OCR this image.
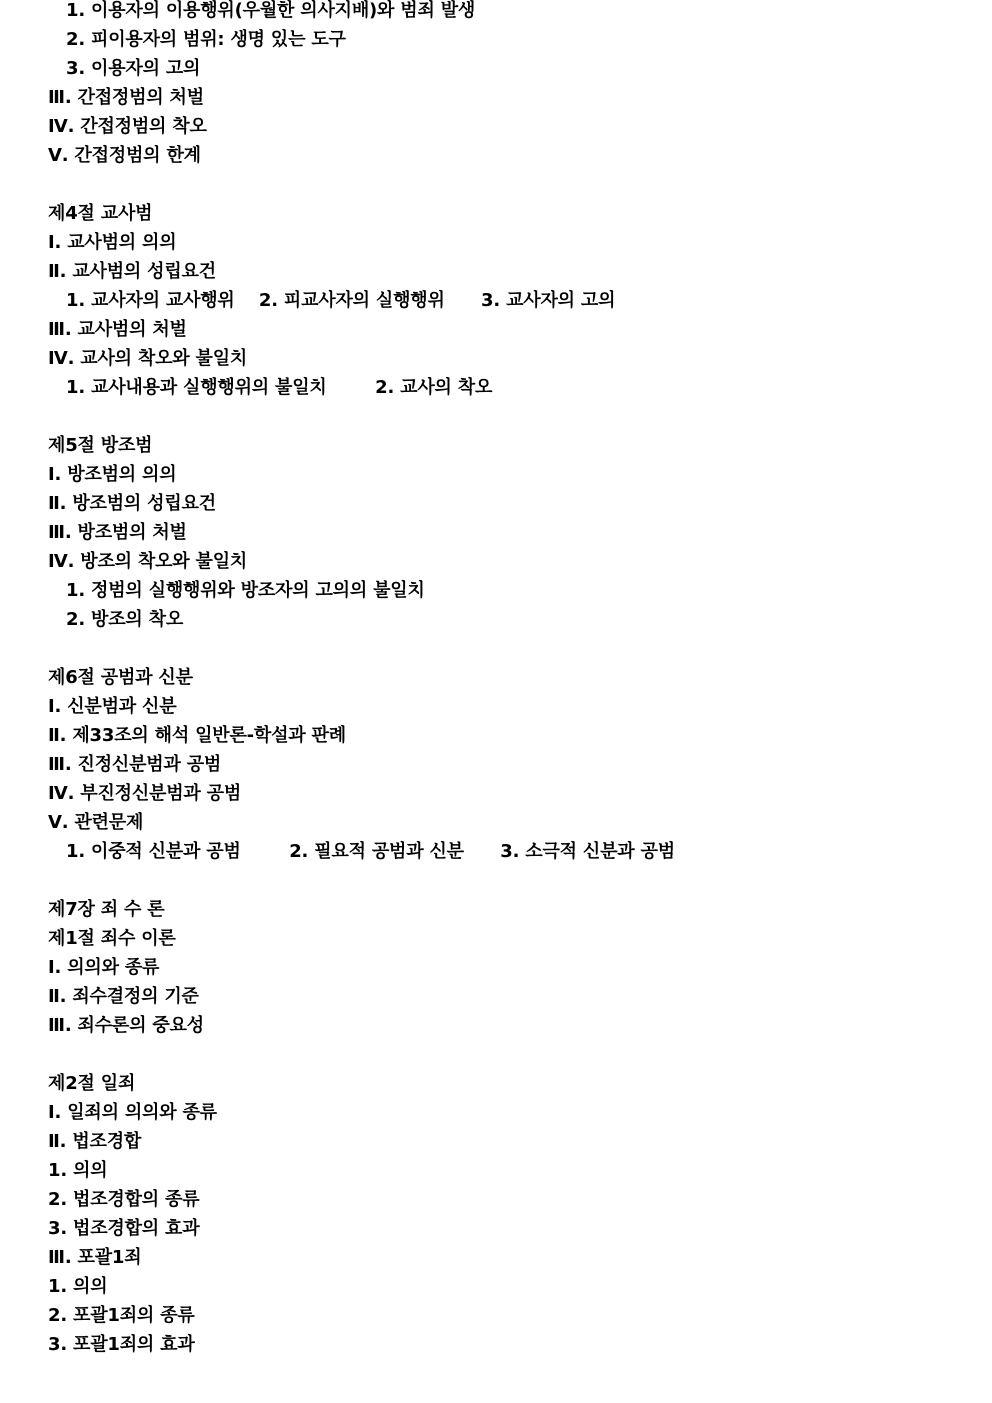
1. 이용자의 이용행위(우월한 의사지배)와 범죄 발생
2. 피이용자의 범위: 생명 있는 도구
3. 이용자의 고의
Ⅲ. 간접정범의 처벌
Ⅳ. 간접정범의 착오
Ⅴ. 간접정범의 한계
제4절 교사범
Ⅰ. 교사범의 의의
Ⅱ. 교사범의 성립요건
1. 교사자의 교사행위    2. 피교사자의 실행행위      3. 교사자의 고의
Ⅲ. 교사범의 처벌
Ⅳ. 교사의 착오와 불일치
1. 교사내용과 실행행위의 불일치        2. 교사의 착오
제5절 방조범
Ⅰ. 방조범의 의의
Ⅱ. 방조범의 성립요건
Ⅲ. 방조범의 처벌
Ⅳ. 방조의 착오와 불일치
1. 정범의 실행행위와 방조자의 고의의 불일치
2. 방조의 착오
제6절 공범과 신분
Ⅰ. 신분범과 신분
Ⅱ. 제33조의 해석 일반론-학설과 판례
Ⅲ. 진정신분범과 공범
Ⅳ. 부진정신분범과 공범
Ⅴ. 관련문제
1. 이중적 신분과 공범        2. 필요적 공범과 신분      3. 소극적 신분과 공범
제7장 죄 수 론
제1절 죄수 이론
Ⅰ. 의의와 종류
Ⅱ. 죄수결정의 기준
Ⅲ. 죄수론의 중요성
제2절 일죄
Ⅰ. 일죄의 의의와 종류
Ⅱ. 법조경합
1. 의의
2. 법조경합의 종류
3. 법조경합의 효과
Ⅲ. 포괄1죄
1. 의의
2. 포괄1죄의 종류
3. 포괄1죄의 효과
